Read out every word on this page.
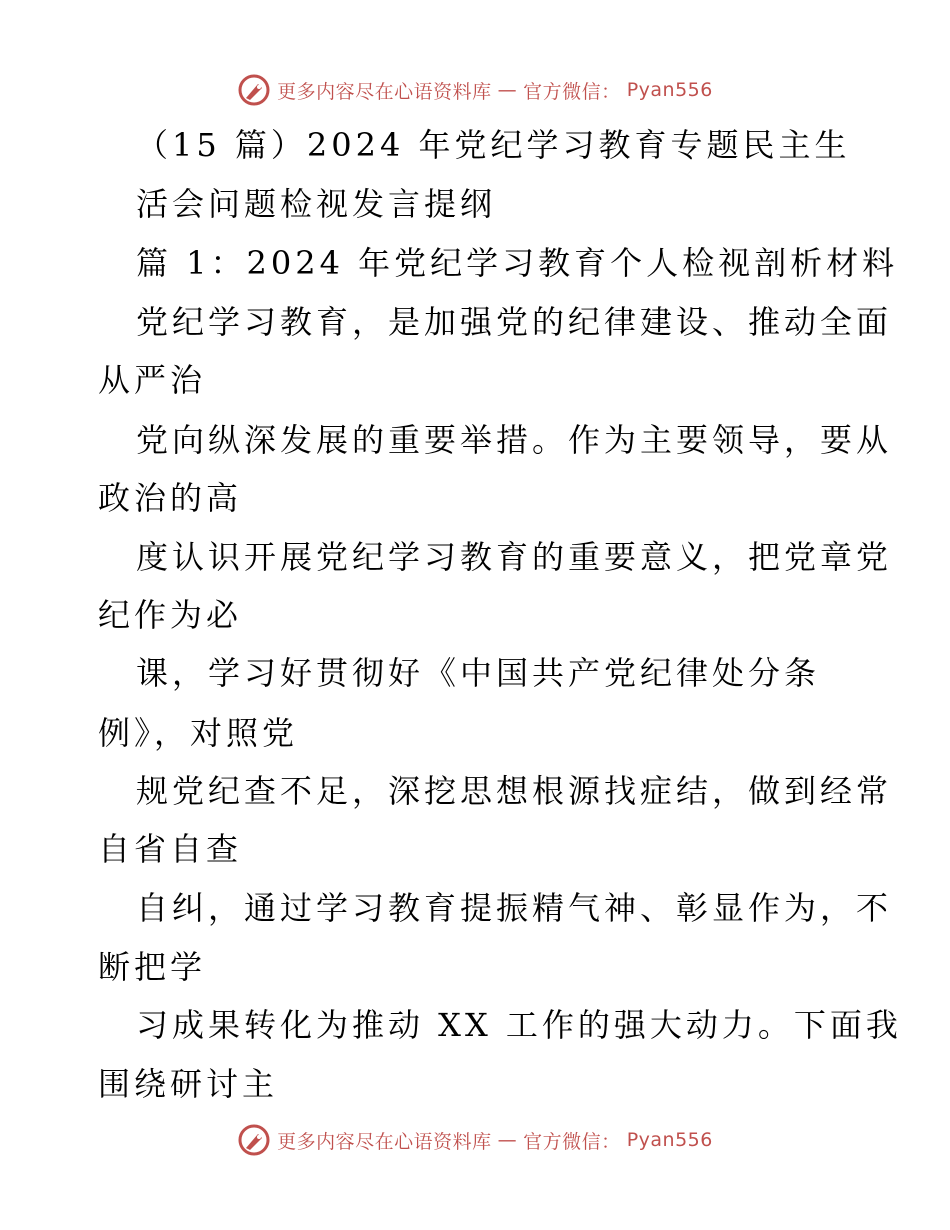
更多内容尽在心语资料库 — 官方微信： Pyan556
（15 篇）2024 年党纪学习教育专题民主生
活会问题检视发言提纲
篇 1：2024 年党纪学习教育个人检视剖析材料
党纪学习教育，是加强党的纪律建设、推动全面
从严治
党向纵深发展的重要举措。作为主要领导，要从
政治的高
度认识开展党纪学习教育的重要意义，把党章党
纪作为必
课，学习好贯彻好《中国共产党纪律处分条
例》，对照党
规党纪查不足，深挖思想根源找症结，做到经常
自省自查
自纠，通过学习教育提振精气神、彰显作为，不
断把学
习成果转化为推动 XX 工作的强大动力。下面我
围绕研讨主
更多内容尽在心语资料库 — 官方微信： Pyan556
